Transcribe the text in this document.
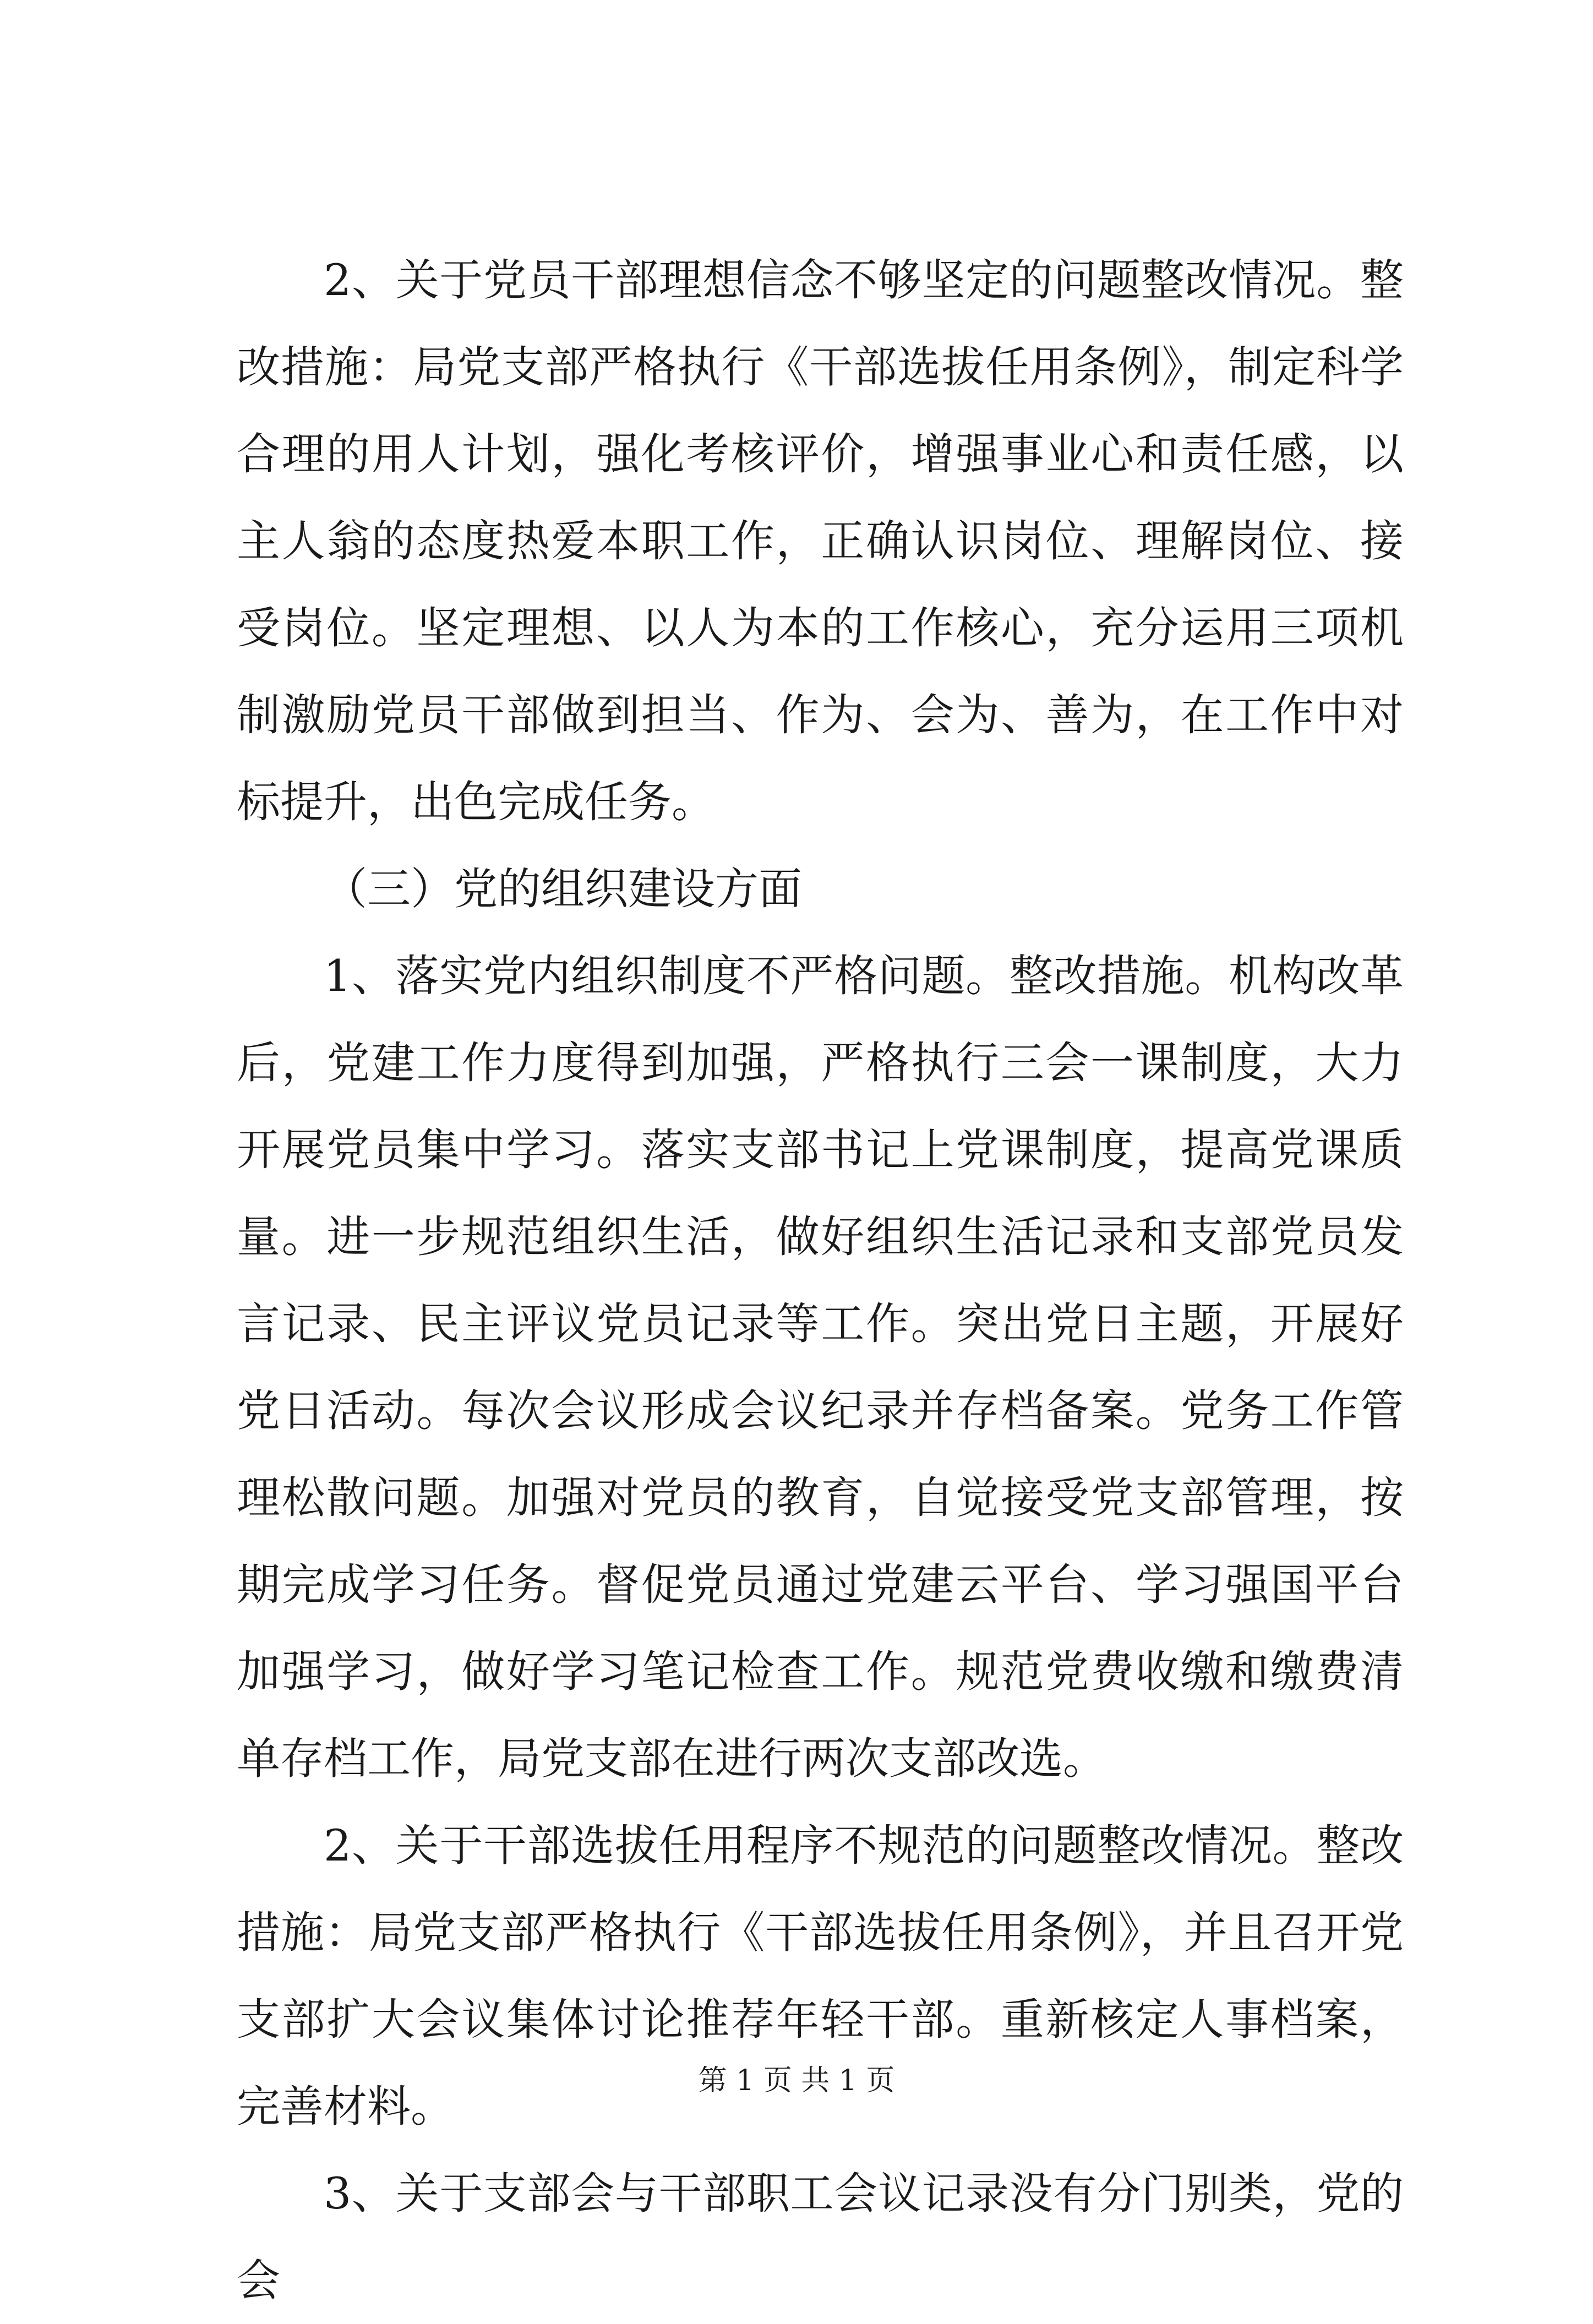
2、关于党员干部理想信念不够坚定的问题整改情况。整改措施：局党支部严格执行《干部选拔任用条例》，制定科学合理的用人计划，强化考核评价，增强事业心和责任感，以主人翁的态度热爱本职工作，正确认识岗位、理解岗位、接受岗位。坚定理想、以人为本的工作核心，充分运用三项机制激励党员干部做到担当、作为、会为、善为，在工作中对标提升，出色完成任务。

（三）党的组织建设方面

1、落实党内组织制度不严格问题。整改措施。机构改革后，党建工作力度得到加强，严格执行三会一课制度，大力开展党员集中学习。落实支部书记上党课制度，提高党课质量。进一步规范组织生活，做好组织生活记录和支部党员发言记录、民主评议党员记录等工作。突出党日主题，开展好党日活动。每次会议形成会议纪录并存档备案。党务工作管理松散问题。加强对党员的教育，自觉接受党支部管理，按期完成学习任务。督促党员通过党建云平台、学习强国平台加强学习，做好学习笔记检查工作。规范党费收缴和缴费清单存档工作，局党支部在进行两次支部改选。

2、关于干部选拔任用程序不规范的问题整改情况。整改措施：局党支部严格执行《干部选拔任用条例》，并且召开党支部扩大会议集体讨论推荐年轻干部。重新核定人事档案，完善材料。

3、关于支部会与干部职工会议记录没有分门别类，党的会

第 1 页 共 1 页
